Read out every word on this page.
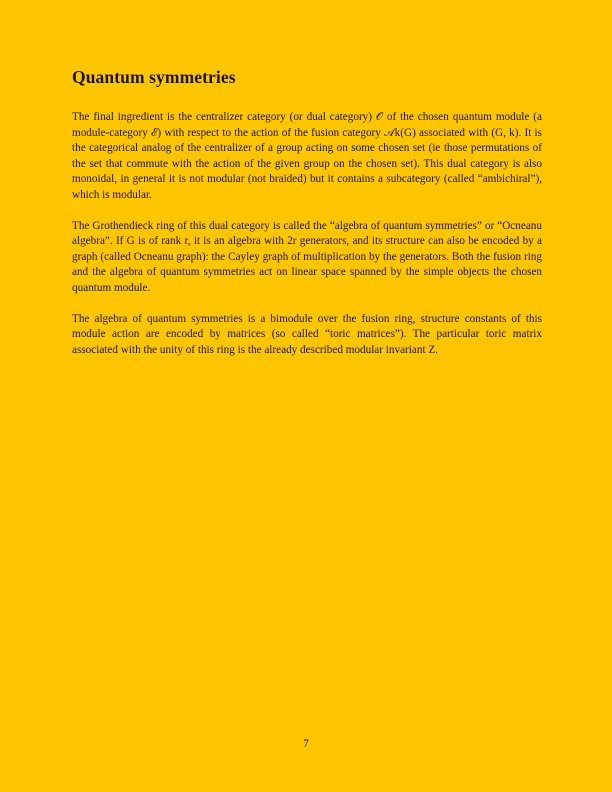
Quantum symmetries

The final ingredient is the centralizer category (or dual category) 𝒪 of the chosen quantum module (a module-category ℰ) with respect to the action of the fusion category 𝒜k(G) associated with (G, k). It is the categorical analog of the centralizer of a group acting on some chosen set (ie those permutations of the set that commute with the action of the given group on the chosen set). This dual category is also monoidal, in general it is not modular (not braided) but it contains a subcategory (called “ambichiral”), which is modular.

The Grothendieck ring of this dual category is called the “algebra of quantum symmetries” or “Ocneanu algebra”. If G is of rank r, it is an algebra with 2r generators, and its structure can also be encoded by a graph (called Ocneanu graph): the Cayley graph of multiplication by the generators. Both the fusion ring and the algebra of quantum symmetries act on linear space spanned by the simple objects the chosen quantum module.

The algebra of quantum symmetries is a bimodule over the fusion ring, structure constants of this module action are encoded by matrices (so called “toric matrices”). The particular toric matrix associated with the unity of this ring is the already described modular invariant Z.

7
